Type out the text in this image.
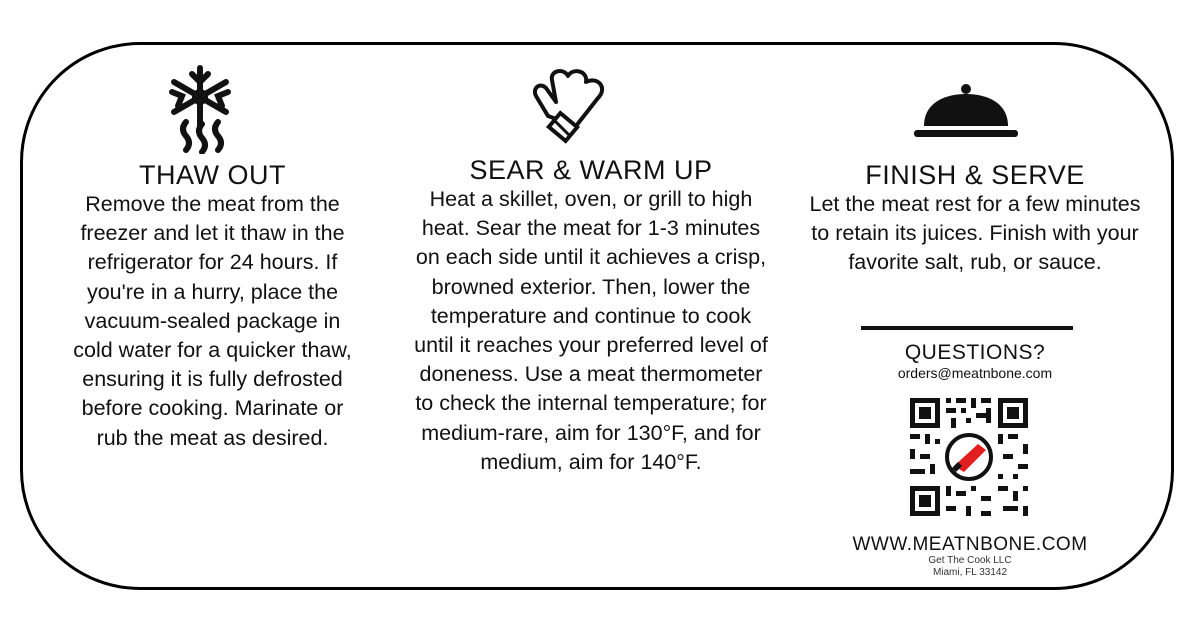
THAW OUT

Remove the meat from the freezer and let it thaw in the refrigerator for 24 hours. If you're in a hurry, place the vacuum-sealed package in cold water for a quicker thaw, ensuring it is fully defrosted before cooking. Marinate or rub the meat as desired.

SEAR & WARM UP

Heat a skillet, oven, or grill to high heat. Sear the meat for 1-3 minutes on each side until it achieves a crisp, browned exterior. Then, lower the temperature and continue to cook until it reaches your preferred level of doneness. Use a meat thermometer to check the internal temperature; for medium-rare, aim for 130°F, and for medium, aim for 140°F.

FINISH & SERVE

Let the meat rest for a few minutes to retain its juices. Finish with your favorite salt, rub, or sauce.

QUESTIONS?
orders@meatnbone.com
WWW.MEATNBONE.COM
Get The Cook LLC
Miami, FL 33142
